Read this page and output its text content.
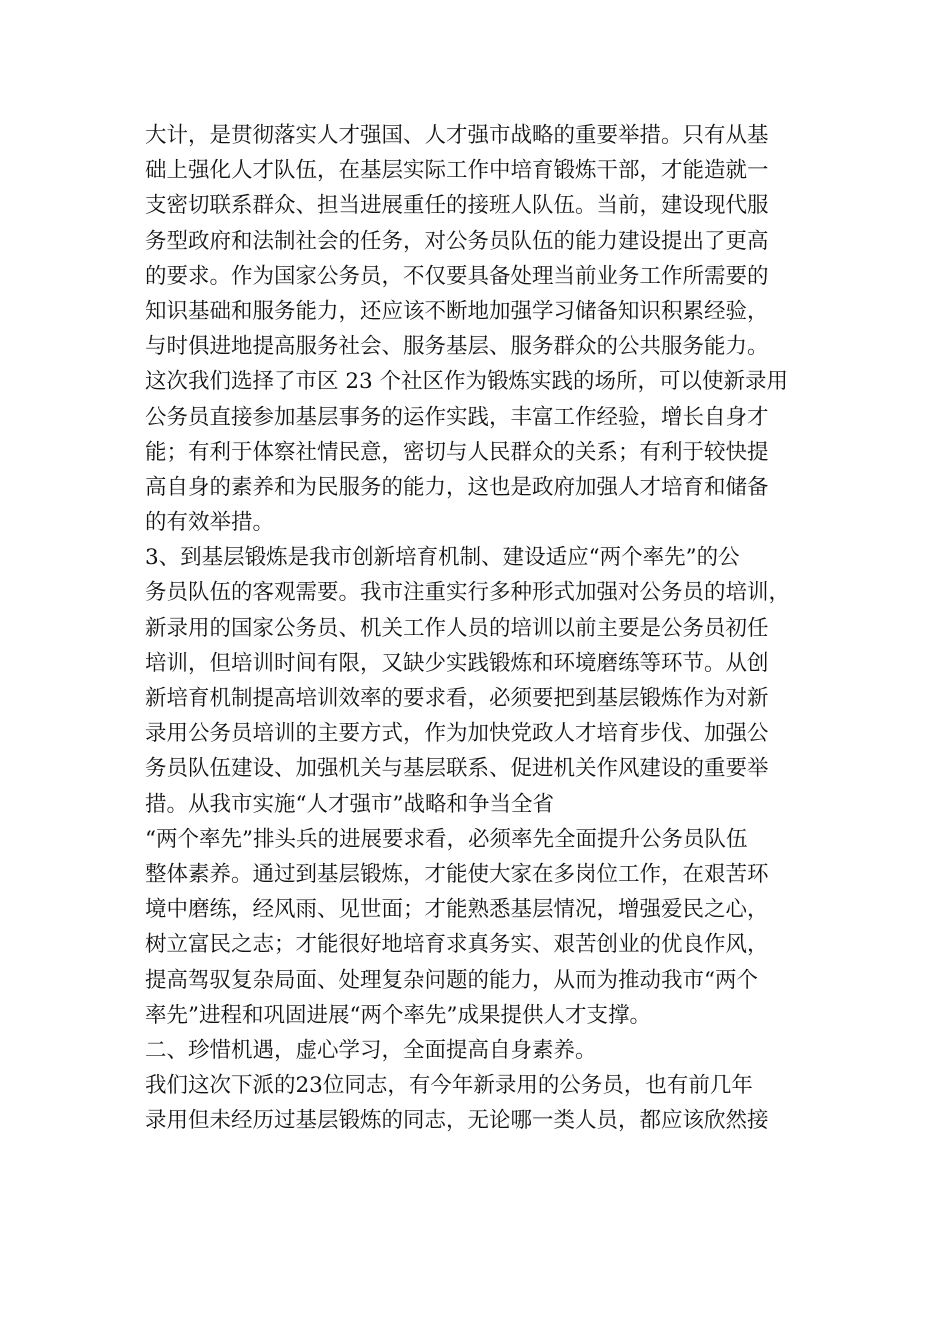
大计，是贯彻落实人才强国、人才强市战略的重要举措。只有从基
础上强化人才队伍，在基层实际工作中培育锻炼干部，才能造就一
支密切联系群众、担当进展重任的接班人队伍。当前，建设现代服
务型政府和法制社会的任务，对公务员队伍的能力建设提出了更高
的要求。作为国家公务员，不仅要具备处理当前业务工作所需要的
知识基础和服务能力，还应该不断地加强学习储备知识积累经验，
与时俱进地提高服务社会、服务基层、服务群众的公共服务能力。
这次我们选择了市区 23 个社区作为锻炼实践的场所，可以使新录用
公务员直接参加基层事务的运作实践，丰富工作经验，增长自身才
能；有利于体察社情民意，密切与人民群众的关系；有利于较快提
高自身的素养和为民服务的能力，这也是政府加强人才培育和储备
的有效举措。
3、到基层锻炼是我市创新培育机制、建设适应“两个率先”的公
务员队伍的客观需要。我市注重实行多种形式加强对公务员的培训，
新录用的国家公务员、机关工作人员的培训以前主要是公务员初任
培训，但培训时间有限，又缺少实践锻炼和环境磨练等环节。从创
新培育机制提高培训效率的要求看，必须要把到基层锻炼作为对新
录用公务员培训的主要方式，作为加快党政人才培育步伐、加强公
务员队伍建设、加强机关与基层联系、促进机关作风建设的重要举
措。从我市实施“人才强市”战略和争当全省
“两个率先”排头兵的进展要求看，必须率先全面提升公务员队伍
整体素养。通过到基层锻炼，才能使大家在多岗位工作，在艰苦环
境中磨练，经风雨、见世面；才能熟悉基层情况，增强爱民之心，
树立富民之志；才能很好地培育求真务实、艰苦创业的优良作风，
提高驾驭复杂局面、处理复杂问题的能力，从而为推动我市“两个
率先”进程和巩固进展“两个率先”成果提供人才支撑。
二、珍惜机遇，虚心学习，全面提高自身素养。
我们这次下派的23位同志，有今年新录用的公务员，也有前几年
录用但未经历过基层锻炼的同志，无论哪一类人员，都应该欣然接
